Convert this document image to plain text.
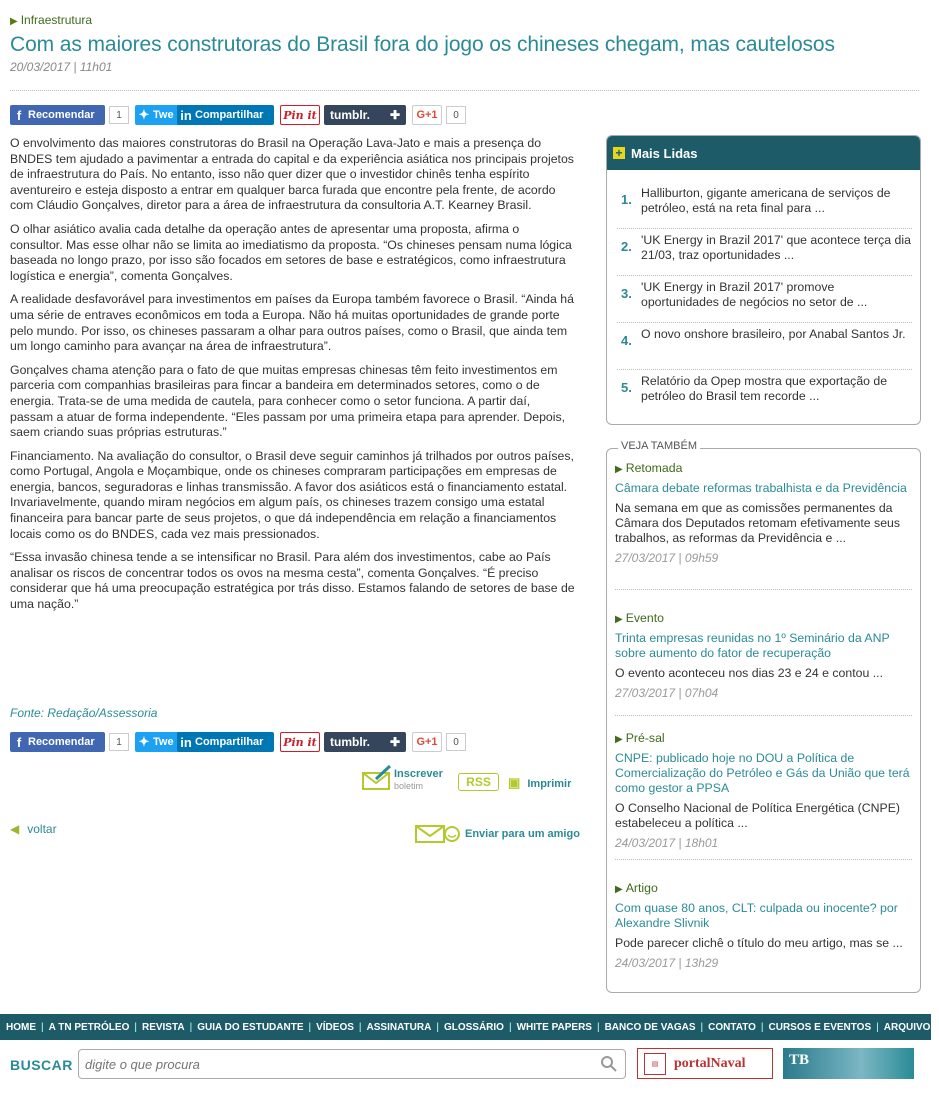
▶ Infraestrutura
Com as maiores construtoras do Brasil fora do jogo os chineses chegam, mas cautelosos
20/03/2017 | 11h01
f Recomendar	1	✦ Twe in Compartilhar Pin it tumblr. ✚ G+1	0

O envolvimento das maiores construtoras do Brasil na Operação Lava-Jato e mais a presença do BNDES tem ajudado a pavimentar a entrada do capital e da experiência asiática nos principais projetos de infraestrutura do País. No entanto, isso não quer dizer que o investidor chinês tenha espírito aventureiro e esteja disposto a entrar em qualquer barca furada que encontre pela frente, de acordo com Cláudio Gonçalves, diretor para a área de infraestrutura da consultoria A.T. Kearney Brasil.

O olhar asiático avalia cada detalhe da operação antes de apresentar uma proposta, afirma o consultor. Mas esse olhar não se limita ao imediatismo da proposta. “Os chineses pensam numa lógica baseada no longo prazo, por isso são focados em setores de base e estratégicos, como infraestrutura logística e energia”, comenta Gonçalves.

A realidade desfavorável para investimentos em países da Europa também favorece o Brasil. “Ainda há uma série de entraves econômicos em toda a Europa. Não há muitas oportunidades de grande porte pelo mundo. Por isso, os chineses passaram a olhar para outros países, como o Brasil, que ainda tem um longo caminho para avançar na área de infraestrutura”.

Gonçalves chama atenção para o fato de que muitas empresas chinesas têm feito investimentos em parceria com companhias brasileiras para fincar a bandeira em determinados setores, como o de energia. Trata-se de uma medida de cautela, para conhecer como o setor funciona. A partir daí, passam a atuar de forma independente. “Eles passam por uma primeira etapa para aprender. Depois, saem criando suas próprias estruturas.”

Financiamento. Na avaliação do consultor, o Brasil deve seguir caminhos já trilhados por outros países, como Portugal, Angola e Moçambique, onde os chineses compraram participações em empresas de energia, bancos, seguradoras e linhas transmissão. A favor dos asiáticos está o financiamento estatal. Invariavelmente, quando miram negócios em algum país, os chineses trazem consigo uma estatal financeira para bancar parte de seus projetos, o que dá independência em relação a financiamentos locais como os do BNDES, cada vez mais pressionados.

“Essa invasão chinesa tende a se intensificar no Brasil. Para além dos investimentos, cabe ao País analisar os riscos de concentrar todos os ovos na mesma cesta”, comenta Gonçalves. “É preciso considerar que há uma preocupação estratégica por trás disso. Estamos falando de setores de base de uma nação.”

Fonte: Redação/Assessoria
f Recomendar	1	✦ Twe in Compartilhar Pin it tumblr. ✚ G+1	0
Inscrever
boletim	RSS	▣ Imprimir
◀ voltar	Enviar para um amigo
+ Mais Lidas
1. Halliburton, gigante americana de serviços de petróleo, está na reta final para ...
2. 'UK Energy in Brazil 2017' que acontece terça dia 21/03, traz oportunidades ...
3. 'UK Energy in Brazil 2017' promove oportunidades de negócios no setor de ...
4. O novo onshore brasileiro, por Anabal Santos Jr.
5. Relatório da Opep mostra que exportação de petróleo do Brasil tem recorde ...
▶ Retomada
Câmara debate reformas trabalhista e da Previdência
Na semana em que as comissões permanentes da Câmara dos Deputados retomam efetivamente seus trabalhos, as reformas da Previdência e ...
27/03/2017 | 09h59
▶ Evento
Trinta empresas reunidas no 1º Seminário da ANP sobre aumento do fator de recuperação
O evento aconteceu nos dias 23 e 24 e contou ...
27/03/2017 | 07h04
▶ Pré-sal
CNPE: publicado hoje no DOU a Política de Comercialização do Petróleo e Gás da União que terá como gestor a PPSA
O Conselho Nacional de Política Energética (CNPE) estabeleceu a política ...
24/03/2017 | 18h01
▶ Artigo
Com quase 80 anos, CLT: culpada ou inocente? por Alexandre Slivnik
Pode parecer clichê o título do meu artigo, mas se ...
24/03/2017 | 13h29
VEJA TAMBÉM
HOME | A TN PETRÓLEO | REVISTA | GUIA DO ESTUDANTE | VÍDEOS | ASSINATURA | GLOSSÁRIO | WHITE PAPERS | BANCO DE VAGAS | CONTATO | CURSOS E EVENTOS | ARQUIVOS
BUSCAR
digite o que procura	▤	portalNaval	TB
